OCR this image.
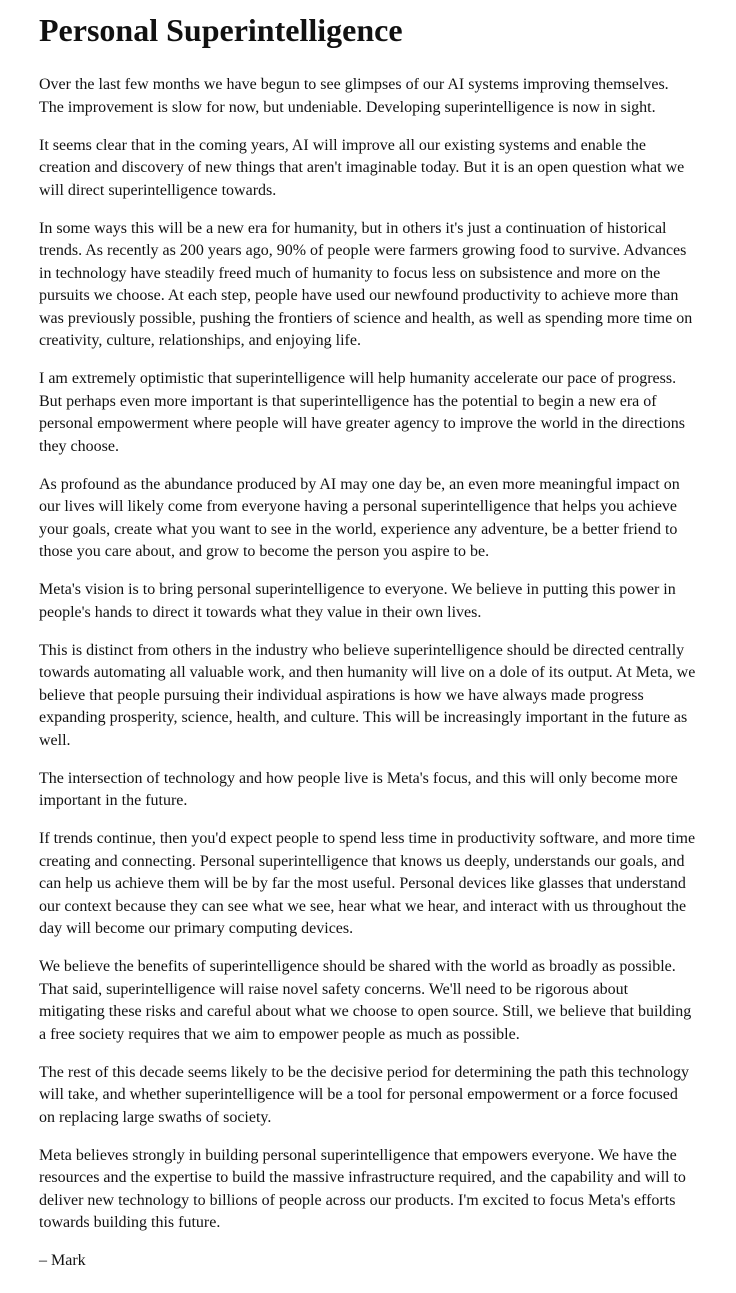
Personal Superintelligence

Over the last few months we have begun to see glimpses of our AI systems improving themselves. The improvement is slow for now, but undeniable. Developing superintelligence is now in sight.

It seems clear that in the coming years, AI will improve all our existing systems and enable the creation and discovery of new things that aren't imaginable today. But it is an open question what we will direct superintelligence towards.

In some ways this will be a new era for humanity, but in others it's just a continuation of historical trends. As recently as 200 years ago, 90% of people were farmers growing food to survive. Advances in technology have steadily freed much of humanity to focus less on subsistence and more on the pursuits we choose. At each step, people have used our newfound productivity to achieve more than was previously possible, pushing the frontiers of science and health, as well as spending more time on creativity, culture, relationships, and enjoying life.

I am extremely optimistic that superintelligence will help humanity accelerate our pace of progress. But perhaps even more important is that superintelligence has the potential to begin a new era of personal empowerment where people will have greater agency to improve the world in the directions they choose.

As profound as the abundance produced by AI may one day be, an even more meaningful impact on our lives will likely come from everyone having a personal superintelligence that helps you achieve your goals, create what you want to see in the world, experience any adventure, be a better friend to those you care about, and grow to become the person you aspire to be.

Meta's vision is to bring personal superintelligence to everyone. We believe in putting this power in people's hands to direct it towards what they value in their own lives.

This is distinct from others in the industry who believe superintelligence should be directed centrally towards automating all valuable work, and then humanity will live on a dole of its output. At Meta, we believe that people pursuing their individual aspirations is how we have always made progress expanding prosperity, science, health, and culture. This will be increasingly important in the future as well.

The intersection of technology and how people live is Meta's focus, and this will only become more important in the future.

If trends continue, then you'd expect people to spend less time in productivity software, and more time creating and connecting. Personal superintelligence that knows us deeply, understands our goals, and can help us achieve them will be by far the most useful. Personal devices like glasses that understand our context because they can see what we see, hear what we hear, and interact with us throughout the day will become our primary computing devices.

We believe the benefits of superintelligence should be shared with the world as broadly as possible. That said, superintelligence will raise novel safety concerns. We'll need to be rigorous about mitigating these risks and careful about what we choose to open source. Still, we believe that building a free society requires that we aim to empower people as much as possible.

The rest of this decade seems likely to be the decisive period for determining the path this technology will take, and whether superintelligence will be a tool for personal empowerment or a force focused on replacing large swaths of society.

Meta believes strongly in building personal superintelligence that empowers everyone. We have the resources and the expertise to build the massive infrastructure required, and the capability and will to deliver new technology to billions of people across our products. I'm excited to focus Meta's efforts towards building this future.

– Mark
